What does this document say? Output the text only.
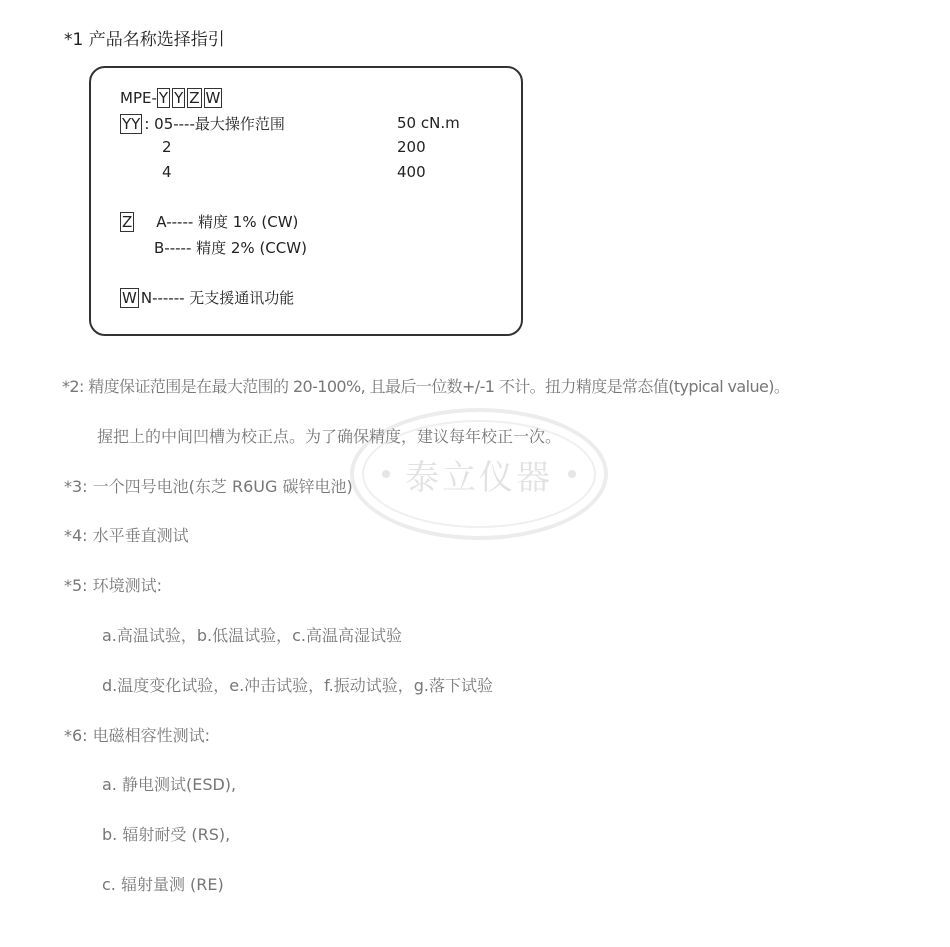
*1 产品名称选择指引
MPE- Y Y Z W
YY : 05----最大操作范围	50 cN.m
2	200
4	400
Z A----- 精度 1% (CW)
B----- 精度 2% (CCW)
W N------ 无支援通讯功能
泰立仪器
*2: 精度保证范围是在最大范围的 20-100%, 且最后一位数+/-1 不计。扭力精度是常态值(typical value)。
握把上的中间凹槽为校正点。为了确保精度，建议每年校正一次。
*3: 一个四号电池(东芝 R6UG 碳锌电池)
*4: 水平垂直测试
*5: 环境测试:
a.高温试验，b.低温试验，c.高温高湿试验
d.温度变化试验，e.冲击试验，f.振动试验，g.落下试验
*6: 电磁相容性测试:
a. 静电测试(ESD),
b. 辐射耐受 (RS),
c. 辐射量测 (RE)
